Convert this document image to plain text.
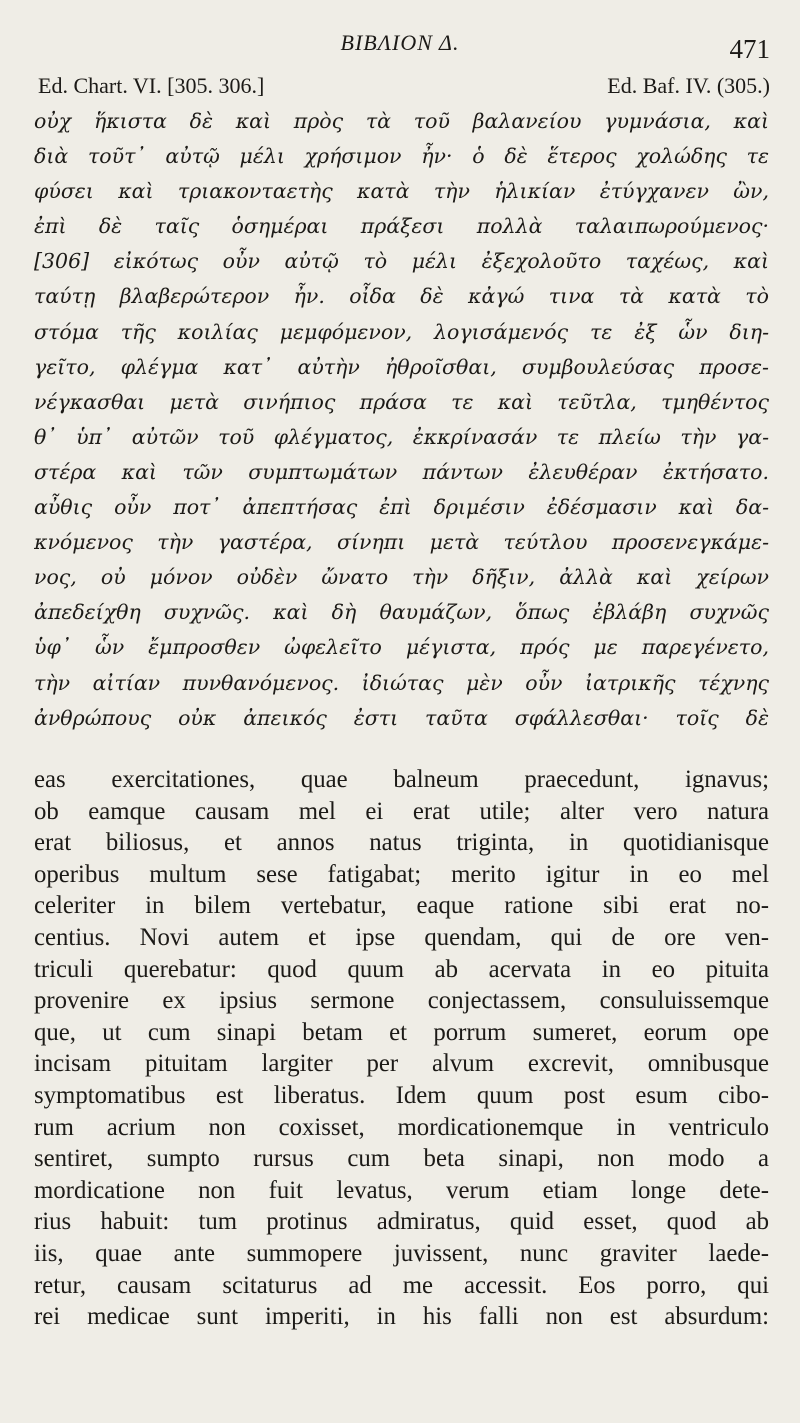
ΒΙΒΛΙΟΝ Δ.	471
Ed. Chart. VI. [305. 306.]	Ed. Baf. IV. (305.)
οὐχ ἥκιστα δὲ καὶ πρὸς τὰ τοῦ βαλανείου γυμνάσια, καὶ
διὰ τοῦτ᾽ αὐτῷ μέλι χρήσιμον ἦν· ὁ δὲ ἕτερος χολώδης τε
φύσει καὶ τριακονταετὴς κατὰ τὴν ἡλικίαν ἐτύγχανεν ὢν,
ἐπὶ δὲ ταῖς ὁσημέραι πράξεσι πολλὰ ταλαιπωρούμενος·
[306] εἰκότως οὖν αὐτῷ τὸ μέλι ἐξεχολοῦτο ταχέως, καὶ
ταύτῃ βλαβερώτερον ἦν. οἶδα δὲ κἀγώ τινα τὰ κατὰ τὸ
στόμα τῆς κοιλίας μεμφόμενον, λογισάμενός τε ἐξ ὧν διη-
γεῖτο, φλέγμα κατ᾽ αὐτὴν ἠθροῖσθαι, συμβουλεύσας προσε-
νέγκασθαι μετὰ σινήπιος πράσα τε καὶ τεῦτλα, τμηθέντος
θ᾽ ὑπ᾽ αὐτῶν τοῦ φλέγματος, ἐκκρίνασάν τε πλείω τὴν γα-
στέρα καὶ τῶν συμπτωμάτων πάντων ἐλευθέραν ἐκτήσατο.
αὖθις οὖν ποτ᾽ ἀπεπτήσας ἐπὶ δριμέσιν ἐδέσμασιν καὶ δα-
κνόμενος τὴν γαστέρα, σίνηπι μετὰ τεύτλου προσενεγκάμε-
νος, οὐ μόνον οὐδὲν ὤνατο τὴν δῆξιν, ἀλλὰ καὶ χείρων
ἀπεδείχθη συχνῶς. καὶ δὴ θαυμάζων, ὅπως ἐβλάβη συχνῶς
ὑφ᾽ ὧν ἔμπροσθεν ὠφελεῖτο μέγιστα, πρός με παρεγένετο,
τὴν αἰτίαν πυνθανόμενος. ἰδιώτας μὲν οὖν ἰατρικῆς τέχνης
ἀνθρώπους οὐκ ἀπεικός ἐστι ταῦτα σφάλλεσθαι· τοῖς δὲ
eas exercitationes, quae balneum praecedunt, ignavus;
ob eamque causam mel ei erat utile; alter vero natura
erat biliosus, et annos natus triginta, in quotidianisque
operibus multum sese fatigabat; merito igitur in eo mel
celeriter in bilem vertebatur, eaque ratione sibi erat no-
centius. Novi autem et ipse quendam, qui de ore ven-
triculi querebatur: quod quum ab acervata in eo pituita
provenire ex ipsius sermone conjectassem, consuluissemque
que, ut cum sinapi betam et porrum sumeret, eorum ope
incisam pituitam largiter per alvum excrevit, omnibusque
symptomatibus est liberatus. Idem quum post esum cibo-
rum acrium non coxisset, mordicationemque in ventriculo
sentiret, sumpto rursus cum beta sinapi, non modo a
mordicatione non fuit levatus, verum etiam longe dete-
rius habuit: tum protinus admiratus, quid esset, quod ab
iis, quae ante summopere juvissent, nunc graviter laede-
retur, causam scitaturus ad me accessit. Eos porro, qui
rei medicae sunt imperiti, in his falli non est absurdum:
